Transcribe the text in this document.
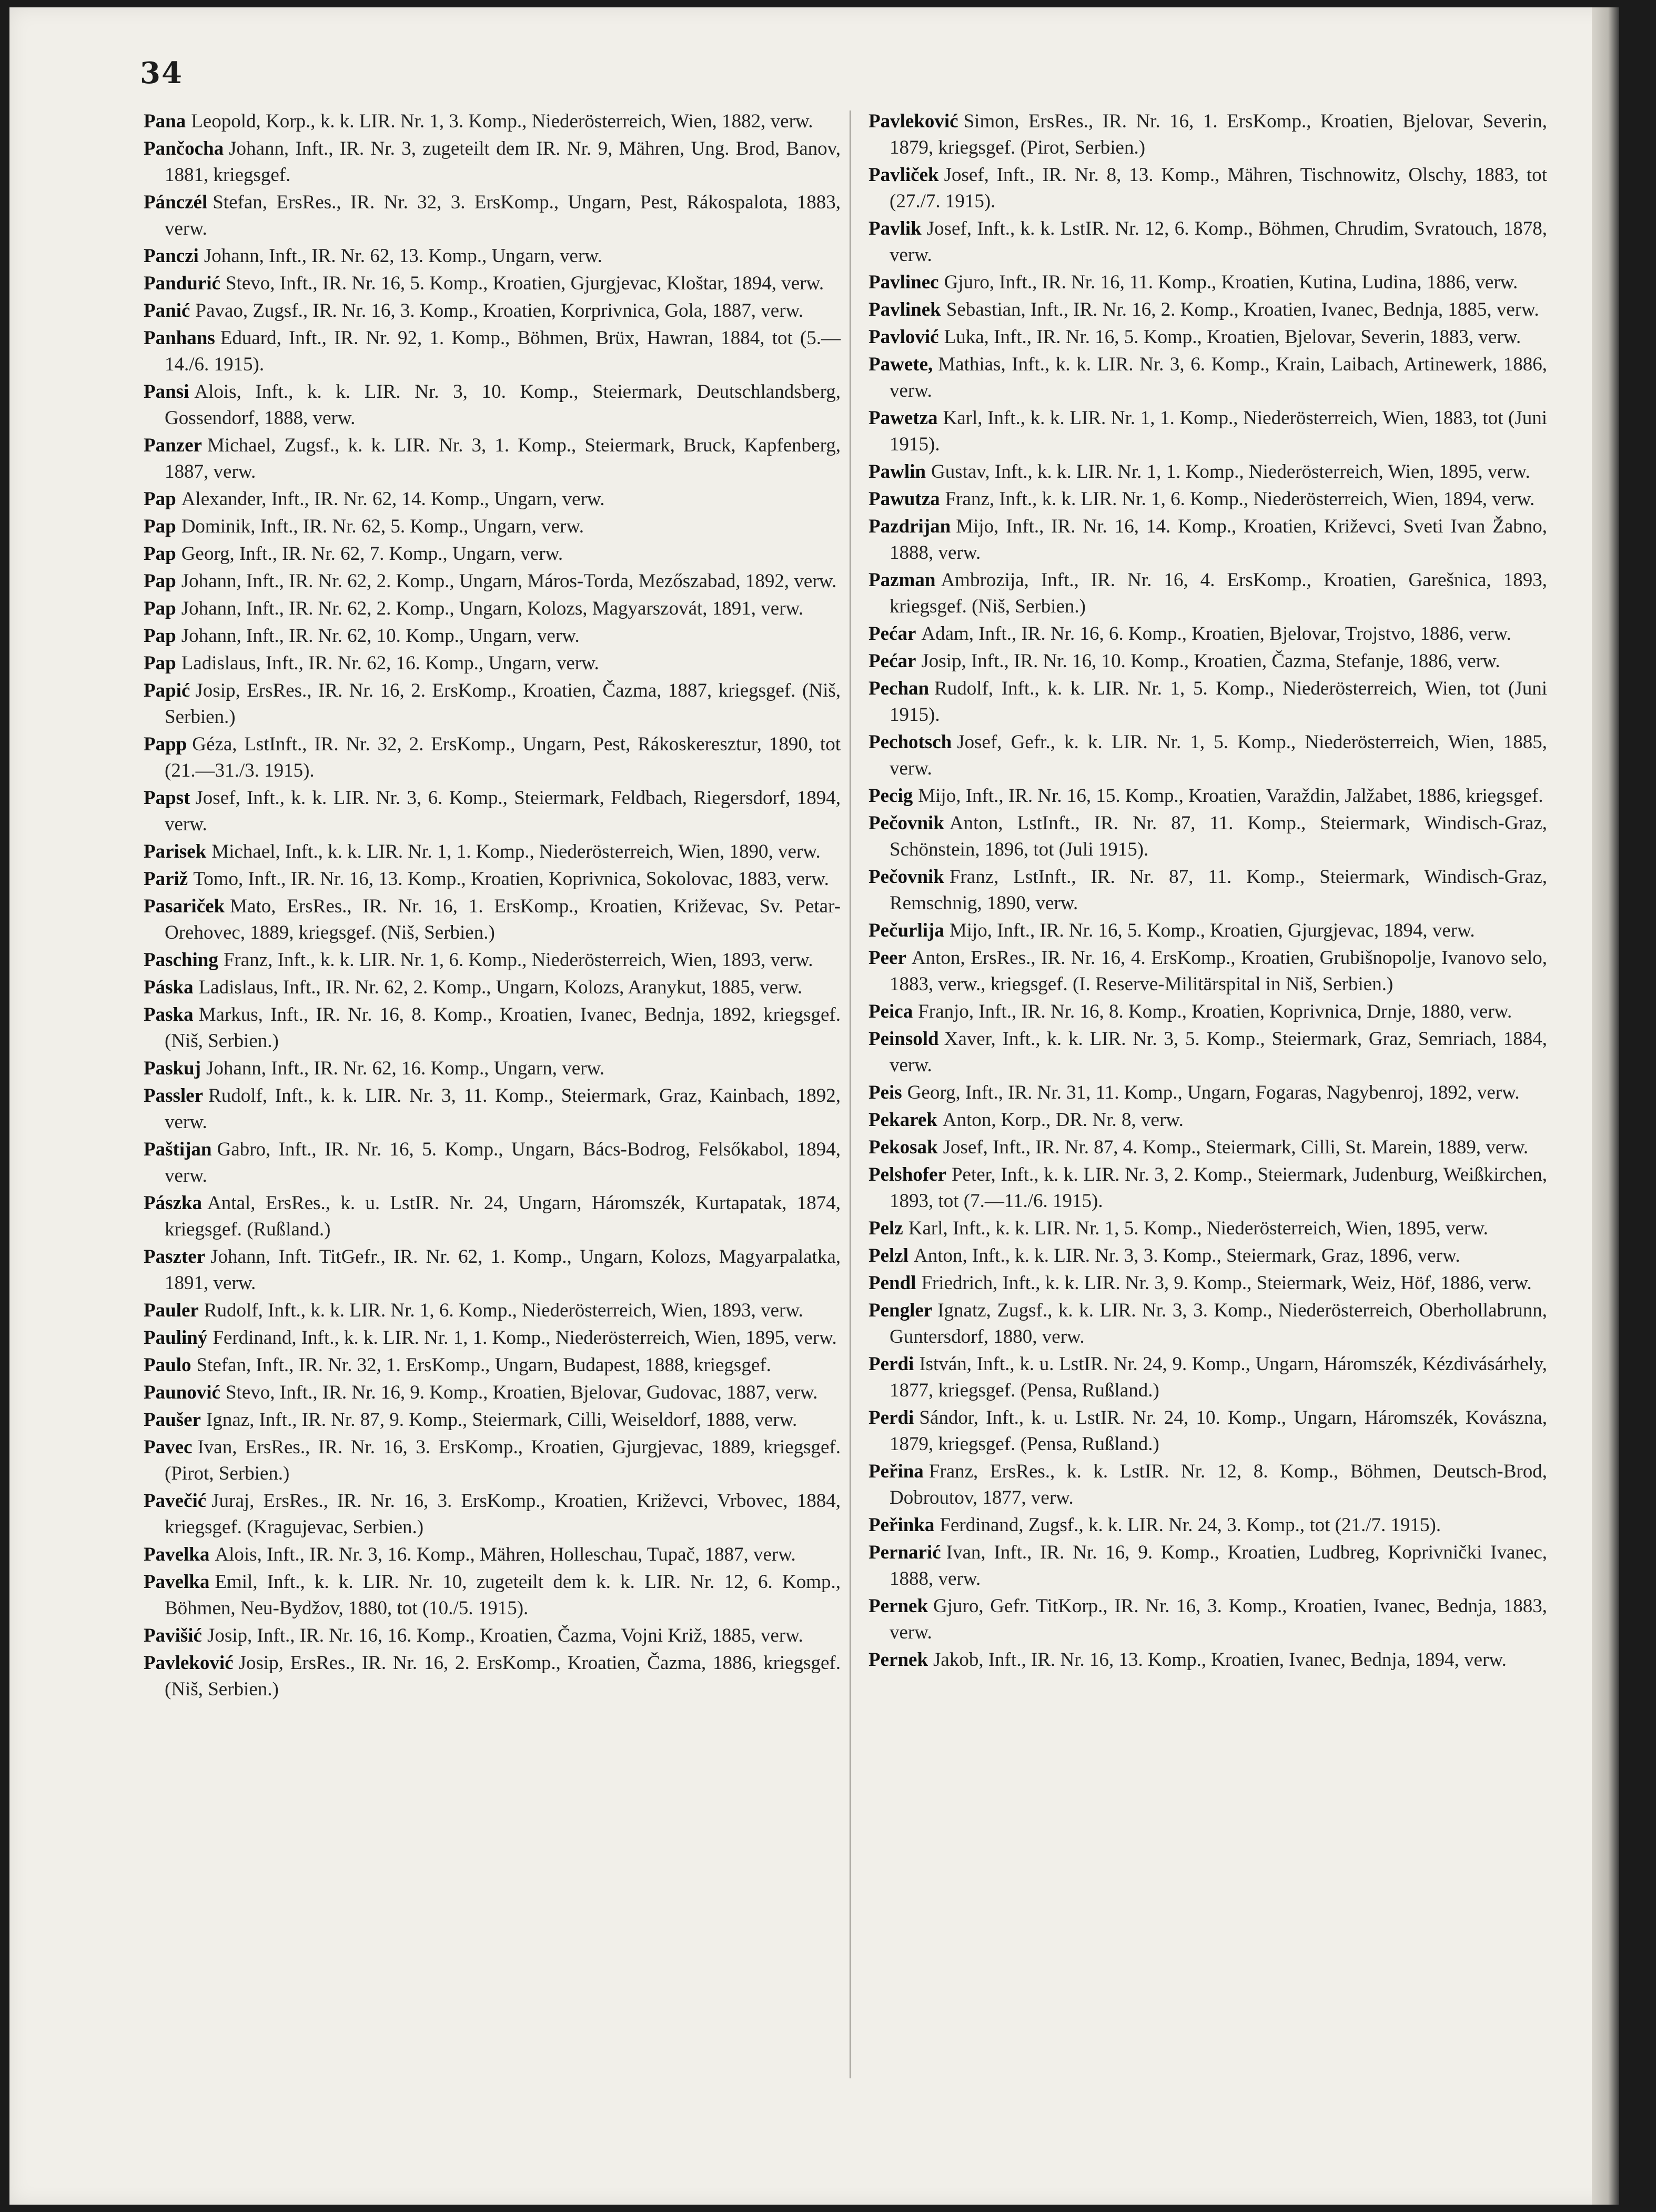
34

Pana Leopold, Korp., k. k. LIR. Nr. 1, 3. Komp., Niederösterreich, Wien, 1882, verw.

Pančocha Johann, Inft., IR. Nr. 3, zugeteilt dem IR. Nr. 9, Mähren, Ung. Brod, Banov, 1881, kriegsgef.

Pánczél Stefan, ErsRes., IR. Nr. 32, 3. ErsKomp., Ungarn, Pest, Rákospalota, 1883, verw.

Panczi Johann, Inft., IR. Nr. 62, 13. Komp., Ungarn, verw.

Pandurić Stevo, Inft., IR. Nr. 16, 5. Komp., Kroatien, Gjurgjevac, Kloštar, 1894, verw.

Panić Pavao, Zugsf., IR. Nr. 16, 3. Komp., Kroatien, Korprivnica, Gola, 1887, verw.

Panhans Eduard, Inft., IR. Nr. 92, 1. Komp., Böhmen, Brüx, Hawran, 1884, tot (5.—14./6. 1915).

Pansi Alois, Inft., k. k. LIR. Nr. 3, 10. Komp., Steiermark, Deutschlandsberg, Gossendorf, 1888, verw.

Panzer Michael, Zugsf., k. k. LIR. Nr. 3, 1. Komp., Steiermark, Bruck, Kapfenberg, 1887, verw.

Pap Alexander, Inft., IR. Nr. 62, 14. Komp., Ungarn, verw.

Pap Dominik, Inft., IR. Nr. 62, 5. Komp., Ungarn, verw.

Pap Georg, Inft., IR. Nr. 62, 7. Komp., Ungarn, verw.

Pap Johann, Inft., IR. Nr. 62, 2. Komp., Ungarn, Máros-Torda, Mezőszabad, 1892, verw.

Pap Johann, Inft., IR. Nr. 62, 2. Komp., Ungarn, Kolozs, Magyarszovát, 1891, verw.

Pap Johann, Inft., IR. Nr. 62, 10. Komp., Ungarn, verw.

Pap Ladislaus, Inft., IR. Nr. 62, 16. Komp., Ungarn, verw.

Papić Josip, ErsRes., IR. Nr. 16, 2. ErsKomp., Kroatien, Čazma, 1887, kriegsgef. (Niš, Serbien.)

Papp Géza, LstInft., IR. Nr. 32, 2. ErsKomp., Ungarn, Pest, Rákoskeresztur, 1890, tot (21.—31./3. 1915).

Papst Josef, Inft., k. k. LIR. Nr. 3, 6. Komp., Steiermark, Feldbach, Riegersdorf, 1894, verw.

Parisek Michael, Inft., k. k. LIR. Nr. 1, 1. Komp., Niederösterreich, Wien, 1890, verw.

Pariž Tomo, Inft., IR. Nr. 16, 13. Komp., Kroatien, Koprivnica, Sokolovac, 1883, verw.

Pasariček Mato, ErsRes., IR. Nr. 16, 1. ErsKomp., Kroatien, Križevac, Sv. Petar-Orehovec, 1889, kriegsgef. (Niš, Serbien.)

Pasching Franz, Inft., k. k. LIR. Nr. 1, 6. Komp., Niederösterreich, Wien, 1893, verw.

Páska Ladislaus, Inft., IR. Nr. 62, 2. Komp., Ungarn, Kolozs, Aranykut, 1885, verw.

Paska Markus, Inft., IR. Nr. 16, 8. Komp., Kroatien, Ivanec, Bednja, 1892, kriegsgef. (Niš, Serbien.)

Paskuj Johann, Inft., IR. Nr. 62, 16. Komp., Ungarn, verw.

Passler Rudolf, Inft., k. k. LIR. Nr. 3, 11. Komp., Steiermark, Graz, Kainbach, 1892, verw.

Paštijan Gabro, Inft., IR. Nr. 16, 5. Komp., Ungarn, Bács-Bodrog, Felsőkabol, 1894, verw.

Pászka Antal, ErsRes., k. u. LstIR. Nr. 24, Ungarn, Háromszék, Kurtapatak, 1874, kriegsgef. (Rußland.)

Paszter Johann, Inft. TitGefr., IR. Nr. 62, 1. Komp., Ungarn, Kolozs, Magyarpalatka, 1891, verw.

Pauler Rudolf, Inft., k. k. LIR. Nr. 1, 6. Komp., Niederösterreich, Wien, 1893, verw.

Pauliný Ferdinand, Inft., k. k. LIR. Nr. 1, 1. Komp., Niederösterreich, Wien, 1895, verw.

Paulo Stefan, Inft., IR. Nr. 32, 1. ErsKomp., Ungarn, Budapest, 1888, kriegsgef.

Paunović Stevo, Inft., IR. Nr. 16, 9. Komp., Kroatien, Bjelovar, Gudovac, 1887, verw.

Paušer Ignaz, Inft., IR. Nr. 87, 9. Komp., Steiermark, Cilli, Weiseldorf, 1888, verw.

Pavec Ivan, ErsRes., IR. Nr. 16, 3. ErsKomp., Kroatien, Gjurgjevac, 1889, kriegsgef. (Pirot, Serbien.)

Pavečić Juraj, ErsRes., IR. Nr. 16, 3. ErsKomp., Kroatien, Križevci, Vrbovec, 1884, kriegsgef. (Kragujevac, Serbien.)

Pavelka Alois, Inft., IR. Nr. 3, 16. Komp., Mähren, Holleschau, Tupač, 1887, verw.

Pavelka Emil, Inft., k. k. LIR. Nr. 10, zugeteilt dem k. k. LIR. Nr. 12, 6. Komp., Böhmen, Neu-Bydžov, 1880, tot (10./5. 1915).

Pavišić Josip, Inft., IR. Nr. 16, 16. Komp., Kroatien, Čazma, Vojni Križ, 1885, verw.

Pavleković Josip, ErsRes., IR. Nr. 16, 2. ErsKomp., Kroatien, Čazma, 1886, kriegsgef. (Niš, Serbien.)

Pavleković Simon, ErsRes., IR. Nr. 16, 1. ErsKomp., Kroatien, Bjelovar, Severin, 1879, kriegsgef. (Pirot, Serbien.)

Pavliček Josef, Inft., IR. Nr. 8, 13. Komp., Mähren, Tischnowitz, Olschy, 1883, tot (27./7. 1915).

Pavlik Josef, Inft., k. k. LstIR. Nr. 12, 6. Komp., Böhmen, Chrudim, Svratouch, 1878, verw.

Pavlinec Gjuro, Inft., IR. Nr. 16, 11. Komp., Kroatien, Kutina, Ludina, 1886, verw.

Pavlinek Sebastian, Inft., IR. Nr. 16, 2. Komp., Kroatien, Ivanec, Bednja, 1885, verw.

Pavlović Luka, Inft., IR. Nr. 16, 5. Komp., Kroatien, Bjelovar, Severin, 1883, verw.

Pawete, Mathias, Inft., k. k. LIR. Nr. 3, 6. Komp., Krain, Laibach, Artinewerk, 1886, verw.

Pawetza Karl, Inft., k. k. LIR. Nr. 1, 1. Komp., Niederösterreich, Wien, 1883, tot (Juni 1915).

Pawlin Gustav, Inft., k. k. LIR. Nr. 1, 1. Komp., Niederösterreich, Wien, 1895, verw.

Pawutza Franz, Inft., k. k. LIR. Nr. 1, 6. Komp., Niederösterreich, Wien, 1894, verw.

Pazdrijan Mijo, Inft., IR. Nr. 16, 14. Komp., Kroatien, Križevci, Sveti Ivan Žabno, 1888, verw.

Pazman Ambrozija, Inft., IR. Nr. 16, 4. ErsKomp., Kroatien, Garešnica, 1893, kriegsgef. (Niš, Serbien.)

Pećar Adam, Inft., IR. Nr. 16, 6. Komp., Kroatien, Bjelovar, Trojstvo, 1886, verw.

Pećar Josip, Inft., IR. Nr. 16, 10. Komp., Kroatien, Čazma, Stefanje, 1886, verw.

Pechan Rudolf, Inft., k. k. LIR. Nr. 1, 5. Komp., Niederösterreich, Wien, tot (Juni 1915).

Pechotsch Josef, Gefr., k. k. LIR. Nr. 1, 5. Komp., Niederösterreich, Wien, 1885, verw.

Pecig Mijo, Inft., IR. Nr. 16, 15. Komp., Kroatien, Varaždin, Jalžabet, 1886, kriegsgef.

Pečovnik Anton, LstInft., IR. Nr. 87, 11. Komp., Steiermark, Windisch-Graz, Schönstein, 1896, tot (Juli 1915).

Pečovnik Franz, LstInft., IR. Nr. 87, 11. Komp., Steiermark, Windisch-Graz, Remschnig, 1890, verw.

Pečurlija Mijo, Inft., IR. Nr. 16, 5. Komp., Kroatien, Gjurgjevac, 1894, verw.

Peer Anton, ErsRes., IR. Nr. 16, 4. ErsKomp., Kroatien, Grubišnopolje, Ivanovo selo, 1883, verw., kriegsgef. (I. Reserve-Militärspital in Niš, Serbien.)

Peica Franjo, Inft., IR. Nr. 16, 8. Komp., Kroatien, Koprivnica, Drnje, 1880, verw.

Peinsold Xaver, Inft., k. k. LIR. Nr. 3, 5. Komp., Steiermark, Graz, Semriach, 1884, verw.

Peis Georg, Inft., IR. Nr. 31, 11. Komp., Ungarn, Fogaras, Nagybenroj, 1892, verw.

Pekarek Anton, Korp., DR. Nr. 8, verw.

Pekosak Josef, Inft., IR. Nr. 87, 4. Komp., Steiermark, Cilli, St. Marein, 1889, verw.

Pelshofer Peter, Inft., k. k. LIR. Nr. 3, 2. Komp., Steiermark, Judenburg, Weißkirchen, 1893, tot (7.—11./6. 1915).

Pelz Karl, Inft., k. k. LIR. Nr. 1, 5. Komp., Niederösterreich, Wien, 1895, verw.

Pelzl Anton, Inft., k. k. LIR. Nr. 3, 3. Komp., Steiermark, Graz, 1896, verw.

Pendl Friedrich, Inft., k. k. LIR. Nr. 3, 9. Komp., Steiermark, Weiz, Höf, 1886, verw.

Pengler Ignatz, Zugsf., k. k. LIR. Nr. 3, 3. Komp., Niederösterreich, Oberhollabrunn, Guntersdorf, 1880, verw.

Perdi István, Inft., k. u. LstIR. Nr. 24, 9. Komp., Ungarn, Háromszék, Kézdivásárhely, 1877, kriegsgef. (Pensa, Rußland.)

Perdi Sándor, Inft., k. u. LstIR. Nr. 24, 10. Komp., Ungarn, Háromszék, Kovászna, 1879, kriegsgef. (Pensa, Rußland.)

Peřina Franz, ErsRes., k. k. LstIR. Nr. 12, 8. Komp., Böhmen, Deutsch-Brod, Dobroutov, 1877, verw.

Peřinka Ferdinand, Zugsf., k. k. LIR. Nr. 24, 3. Komp., tot (21./7. 1915).

Pernarić Ivan, Inft., IR. Nr. 16, 9. Komp., Kroatien, Ludbreg, Koprivnički Ivanec, 1888, verw.

Pernek Gjuro, Gefr. TitKorp., IR. Nr. 16, 3. Komp., Kroatien, Ivanec, Bednja, 1883, verw.

Pernek Jakob, Inft., IR. Nr. 16, 13. Komp., Kroatien, Ivanec, Bednja, 1894, verw.
